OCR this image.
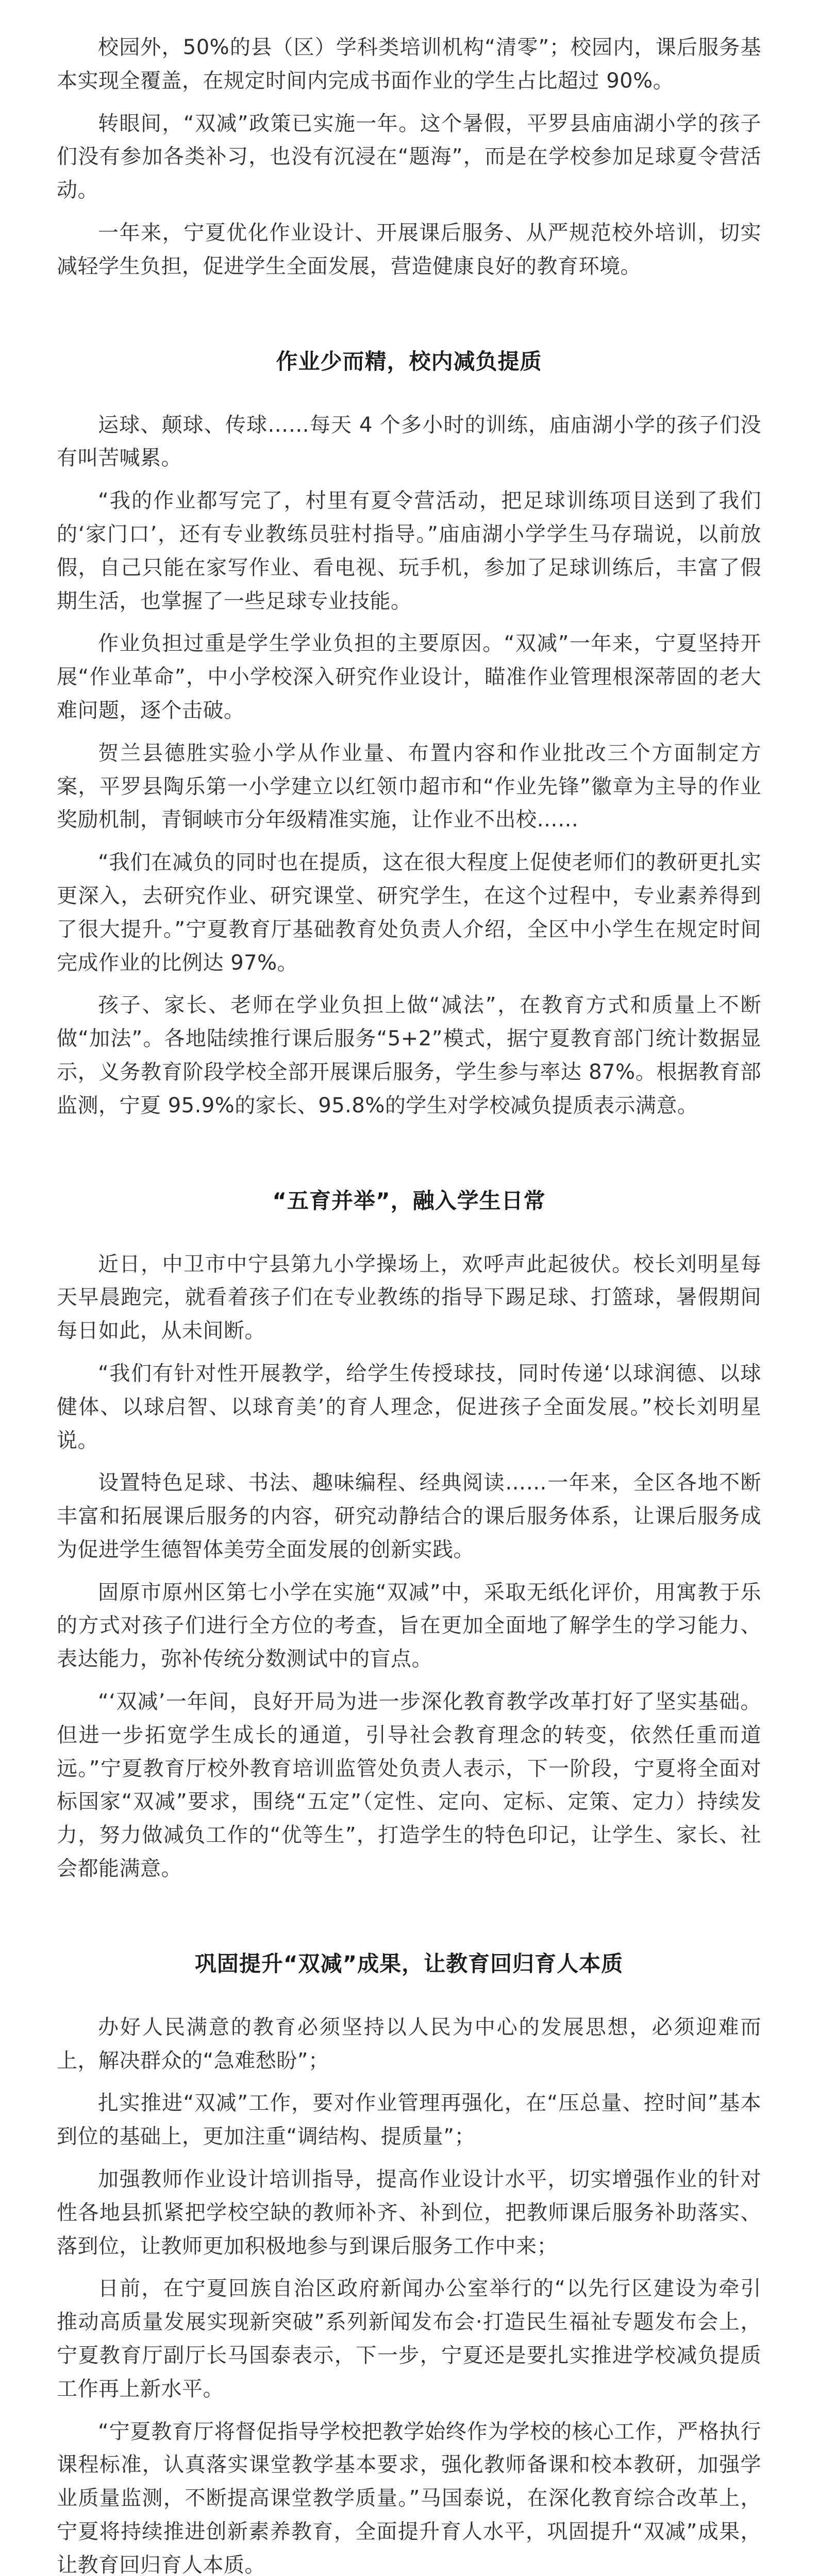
校园外，50%的县（区）学科类培训机构“清零”；校园内，课后服务基本实现全覆盖，在规定时间内完成书面作业的学生占比超过 90%。

转眼间，“双减”政策已实施一年。这个暑假，平罗县庙庙湖小学的孩子们没有参加各类补习，也没有沉浸在“题海”，而是在学校参加足球夏令营活动。

一年来，宁夏优化作业设计、开展课后服务、从严规范校外培训，切实减轻学生负担，促进学生全面发展，营造健康良好的教育环境。

作业少而精，校内减负提质

运球、颠球、传球……每天 4 个多小时的训练，庙庙湖小学的孩子们没有叫苦喊累。

“我的作业都写完了，村里有夏令营活动，把足球训练项目送到了我们的‘家门口’，还有专业教练员驻村指导。”庙庙湖小学学生马存瑞说，以前放假，自己只能在家写作业、看电视、玩手机，参加了足球训练后，丰富了假期生活，也掌握了一些足球专业技能。

作业负担过重是学生学业负担的主要原因。“双减”一年来，宁夏坚持开展“作业革命”，中小学校深入研究作业设计，瞄准作业管理根深蒂固的老大难问题，逐个击破。

贺兰县德胜实验小学从作业量、布置内容和作业批改三个方面制定方案，平罗县陶乐第一小学建立以红领巾超市和“作业先锋”徽章为主导的作业奖励机制，青铜峡市分年级精准实施，让作业不出校……

“我们在减负的同时也在提质，这在很大程度上促使老师们的教研更扎实更深入，去研究作业、研究课堂、研究学生，在这个过程中，专业素养得到了很大提升。”宁夏教育厅基础教育处负责人介绍，全区中小学生在规定时间完成作业的比例达 97%。

孩子、家长、老师在学业负担上做“减法”，在教育方式和质量上不断做“加法”。各地陆续推行课后服务“5+2”模式，据宁夏教育部门统计数据显示，义务教育阶段学校全部开展课后服务，学生参与率达 87%。根据教育部监测，宁夏 95.9%的家长、95.8%的学生对学校减负提质表示满意。

“五育并举”，融入学生日常

近日，中卫市中宁县第九小学操场上，欢呼声此起彼伏。校长刘明星每天早晨跑完，就看着孩子们在专业教练的指导下踢足球、打篮球，暑假期间每日如此，从未间断。

“我们有针对性开展教学，给学生传授球技，同时传递‘以球润德、以球健体、以球启智、以球育美’的育人理念，促进孩子全面发展。”校长刘明星说。

设置特色足球、书法、趣味编程、经典阅读……一年来，全区各地不断丰富和拓展课后服务的内容，研究动静结合的课后服务体系，让课后服务成为促进学生德智体美劳全面发展的创新实践。

固原市原州区第七小学在实施“双减”中，采取无纸化评价，用寓教于乐的方式对孩子们进行全方位的考查，旨在更加全面地了解学生的学习能力、表达能力，弥补传统分数测试中的盲点。

“‘双减’一年间，良好开局为进一步深化教育教学改革打好了坚实基础。但进一步拓宽学生成长的通道，引导社会教育理念的转变，依然任重而道远。”宁夏教育厅校外教育培训监管处负责人表示，下一阶段，宁夏将全面对标国家“双减”要求，围绕“五定”（定性、定向、定标、定策、定力）持续发力，努力做减负工作的“优等生”，打造学生的特色印记，让学生、家长、社会都能满意。

巩固提升“双减”成果，让教育回归育人本质

办好人民满意的教育必须坚持以人民为中心的发展思想，必须迎难而上，解决群众的“急难愁盼”；

扎实推进“双减”工作，要对作业管理再强化，在“压总量、控时间”基本到位的基础上，更加注重“调结构、提质量”；

加强教师作业设计培训指导，提高作业设计水平，切实增强作业的针对性各地县抓紧把学校空缺的教师补齐、补到位，把教师课后服务补助落实、落到位，让教师更加积极地参与到课后服务工作中来；

日前，在宁夏回族自治区政府新闻办公室举行的“以先行区建设为牵引 推动高质量发展实现新突破”系列新闻发布会·打造民生福祉专题发布会上，宁夏教育厅副厅长马国泰表示，下一步，宁夏还是要扎实推进学校减负提质工作再上新水平。

“宁夏教育厅将督促指导学校把教学始终作为学校的核心工作，严格执行课程标准，认真落实课堂教学基本要求，强化教师备课和校本教研，加强学业质量监测，不断提高课堂教学质量。”马国泰说，在深化教育综合改革上，宁夏将持续推进创新素养教育，全面提升育人水平，巩固提升“双减”成果，让教育回归育人本质。
